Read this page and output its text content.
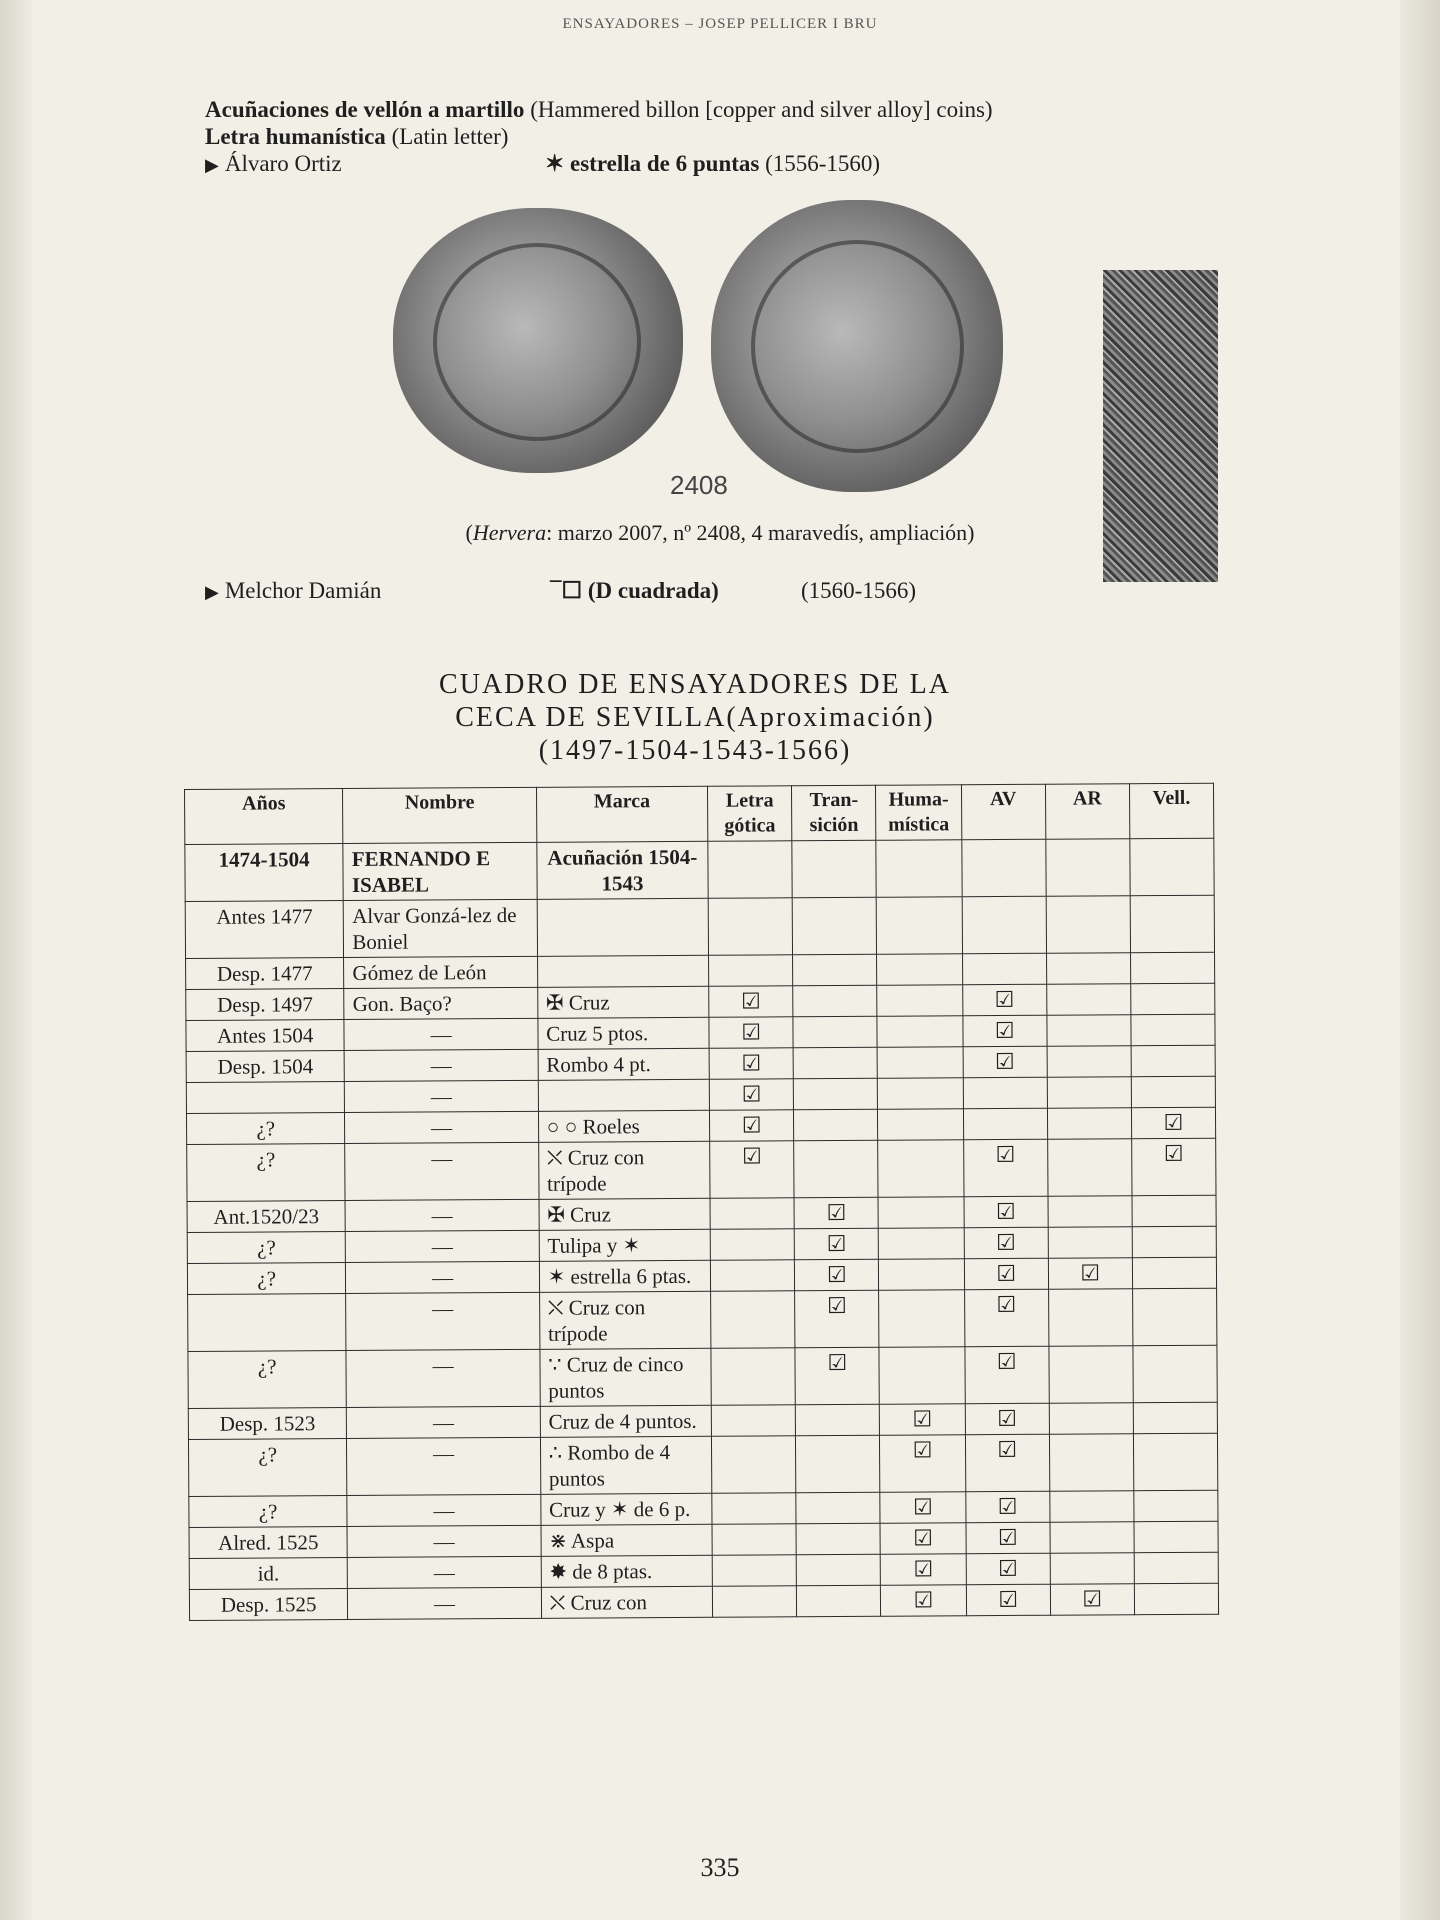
ENSAYADORES – JOSEP PELLICER I BRU
Acuñaciones de vellón a martillo (Hammered billon [copper and silver alloy] coins)
Letra humanística (Latin letter)
▶ Álvaro Ortiz	✶ estrella de 6 puntas (1556-1560)
2408
(Hervera: marzo 2007, nº 2408, 4 maravedís, ampliación)
▶ Melchor Damián	¯☐ (D cuadrada)	(1560-1566)
CUADRO DE ENSAYADORES DE LA
CECA DE SEVILLA(Aproximación)
(1497-1504-1543-1566)
Años	Nombre	Marca	Letra gótica	Tran-sición	Huma-mística	AV	AR	Vell.
1474-1504	FERNANDO E ISABEL	Acuñación 1504-1543						
Antes 1477	Alvar Gonzá-lez de Boniel							
Desp. 1477	Gómez de León							
Desp. 1497	Gon. Baço?	✠ Cruz	☑			☑		
Antes 1504	—	Cruz 5 ptos.	☑			☑		
Desp. 1504	—	Rombo 4 pt.	☑			☑		
	—		☑					
¿?	—	○ ○ Roeles	☑					☑
¿?	—	⛌ Cruz con trípode	☑			☑		☑
Ant.1520/23	—	✠ Cruz		☑		☑		
¿?	—	Tulipa y ✶		☑		☑		
¿?	—	✶ estrella 6 ptas.		☑		☑	☑	
	—	⛌ Cruz con trípode		☑		☑		
¿?	—	∵ Cruz de cinco puntos		☑		☑		
Desp. 1523	—	Cruz de 4 puntos.			☑	☑		
¿?	—	∴ Rombo de 4 puntos			☑	☑		
¿?	—	Cruz y ✶ de 6 p.			☑	☑		
Alred. 1525	—	⋇ Aspa			☑	☑		
id.	—	✸ de 8 ptas.			☑	☑		
Desp. 1525	—	⛌ Cruz con			☑	☑	☑	
335
